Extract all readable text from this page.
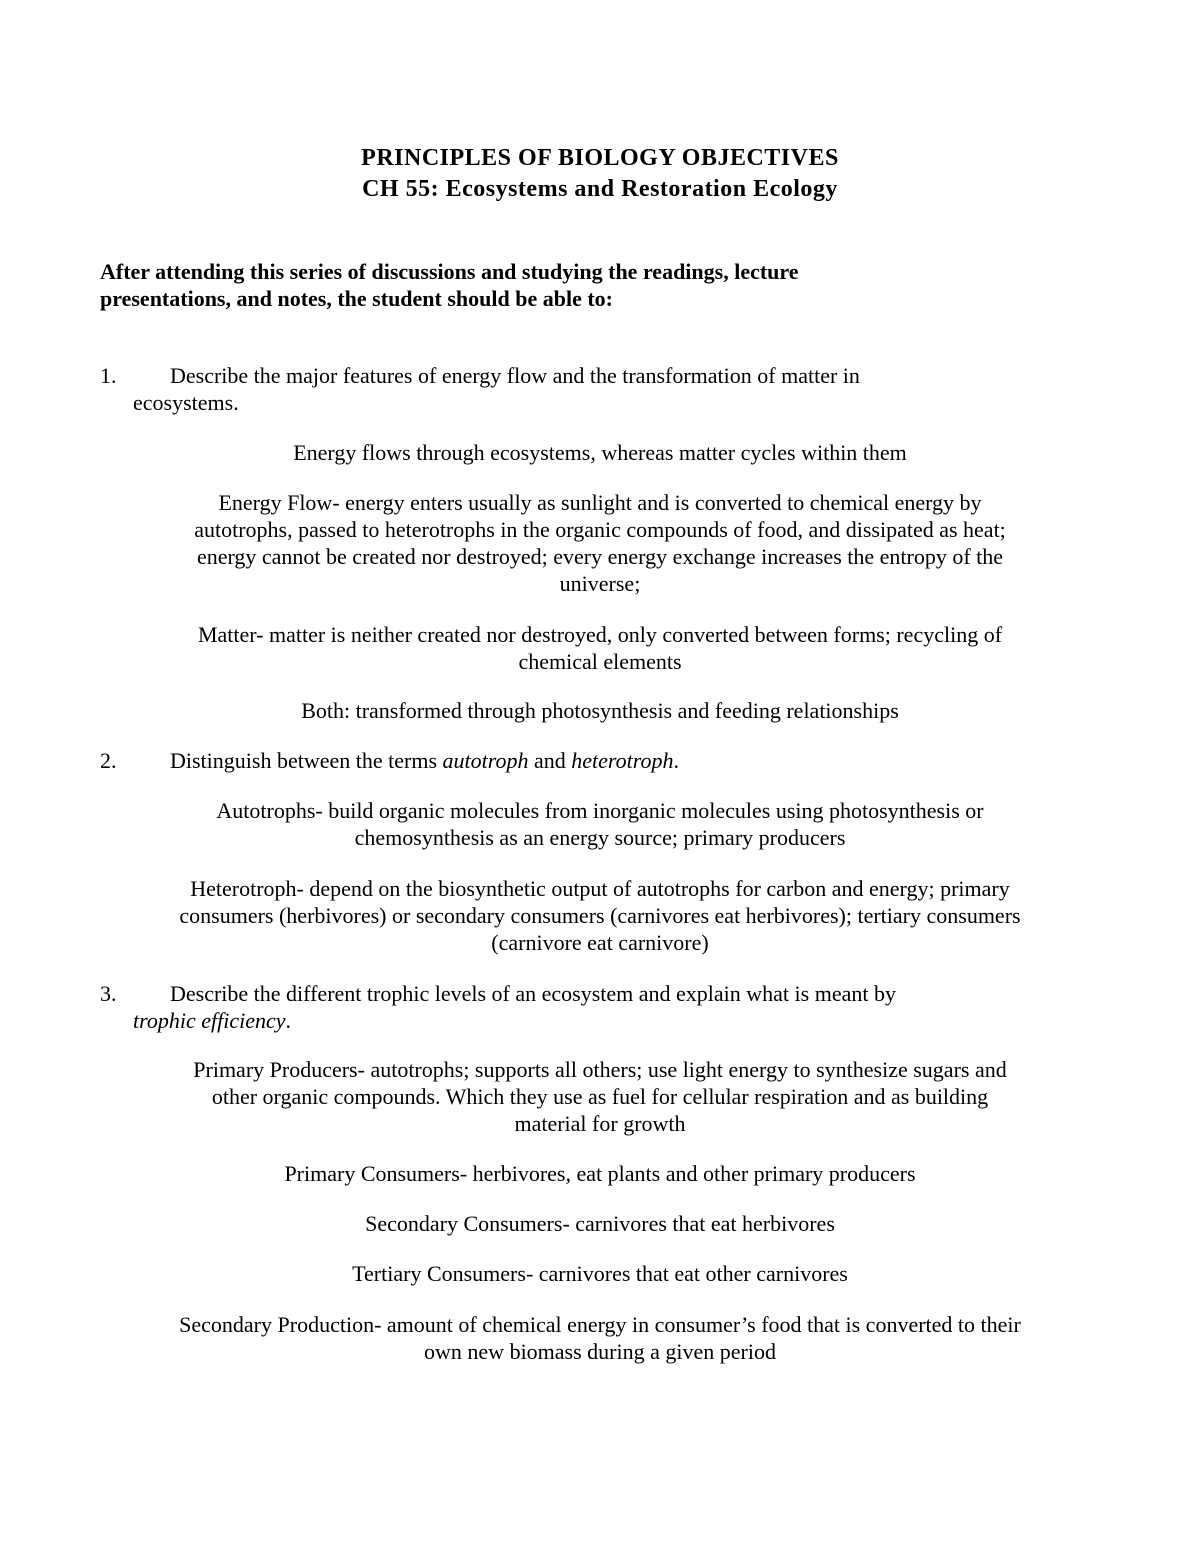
PRINCIPLES OF BIOLOGY OBJECTIVES
CH 55: Ecosystems and Restoration Ecology
After attending this series of discussions and studying the readings, lecture
presentations, and notes, the student should be able to:
1. Describe the major features of energy flow and the transformation of matter in
ecosystems.
Energy flows through ecosystems, whereas matter cycles within them
Energy Flow- energy enters usually as sunlight and is converted to chemical energy by
autotrophs, passed to heterotrophs in the organic compounds of food, and dissipated as heat;
energy cannot be created nor destroyed; every energy exchange increases the entropy of the
universe;
Matter- matter is neither created nor destroyed, only converted between forms; recycling of
chemical elements
Both: transformed through photosynthesis and feeding relationships
2. Distinguish between the terms autotroph and heterotroph.
Autotrophs- build organic molecules from inorganic molecules using photosynthesis or
chemosynthesis as an energy source; primary producers
Heterotroph- depend on the biosynthetic output of autotrophs for carbon and energy; primary
consumers (herbivores) or secondary consumers (carnivores eat herbivores); tertiary consumers
(carnivore eat carnivore)
3. Describe the different trophic levels of an ecosystem and explain what is meant by
trophic efficiency.
Primary Producers- autotrophs; supports all others; use light energy to synthesize sugars and
other organic compounds. Which they use as fuel for cellular respiration and as building
material for growth
Primary Consumers- herbivores, eat plants and other primary producers
Secondary Consumers- carnivores that eat herbivores
Tertiary Consumers- carnivores that eat other carnivores
Secondary Production- amount of chemical energy in consumer’s food that is converted to their
own new biomass during a given period
